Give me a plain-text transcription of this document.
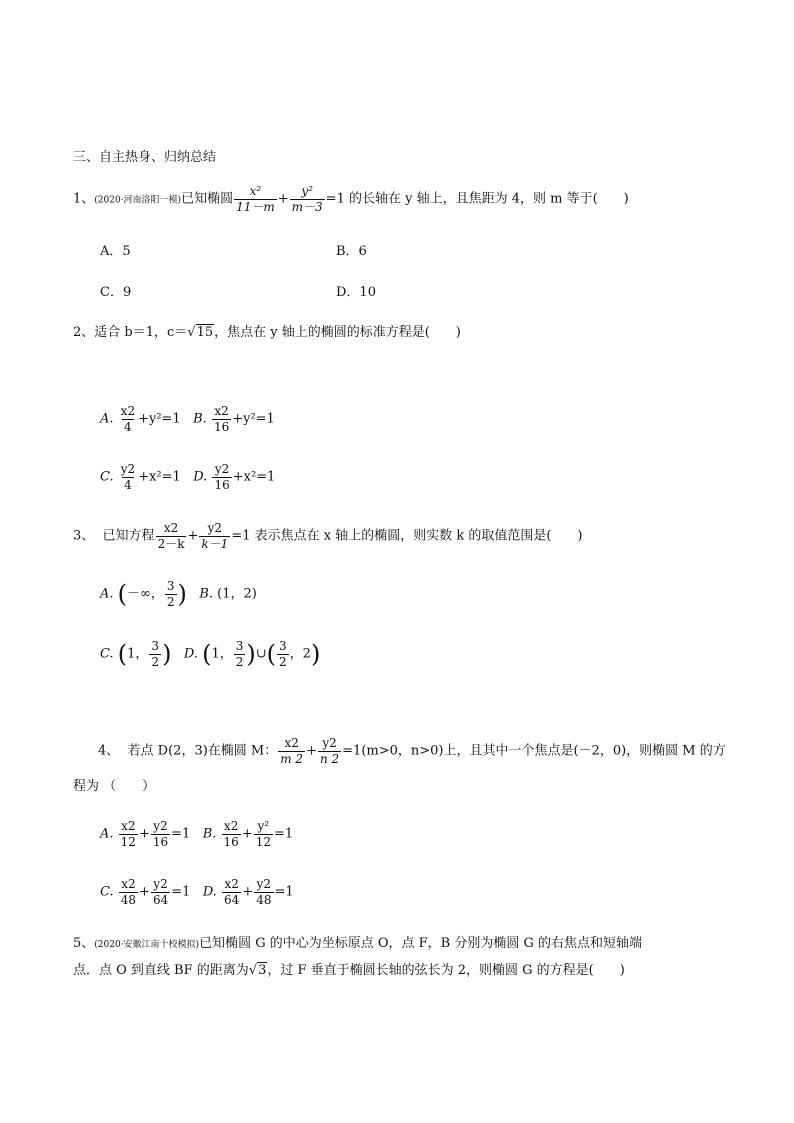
三、自主热身、归纳总结
1、(2020·河南洛阳一模)已知椭圆 $\frac{\text{x²}}{11-m} + \frac{\text{y²}}{m-3} =1$ 的长轴在 y 轴上，且焦距为 4，则 m 等于(　　)
A．5	B．6
C．9	D．10
2、适合 b＝1，c＝√15，焦点在 y 轴上的椭圆的标准方程是(　　)
A. $\frac{x2}{4} +y^2=1$ B. $\frac{x2}{16} +y^2=1$
C. $\frac{y2}{4} +x^2=1$ D. $\frac{y2}{16} +x^2=1$
3、 已知方程 $\frac{x2}{2-k} + \frac{y2}{k-1} =1$ 表示焦点在 x 轴上的椭圆，则实数 k 的取值范围是(　　)
A. (－∞， $\frac{3}{2}$ ) B. (1，2)
C. (1， $\frac{3}{2}$ ) D. (1， $\frac{3}{2}$ )∪( $\frac{3}{2}$ ，2)
4、 若点 D(2，3)在椭圆 M： $\frac{x2}{m 2} + \frac{y2}{n 2} =1(m>0$，n>0)上，且其中一个焦点是(－2，0)，则椭圆 M 的方
程为 （　　）
A. $\frac{x2}{12} + \frac{y2}{16} =1$ B. $\frac{x2}{16} + \frac{\text{y²}}{12} =1$
C. $\frac{x2}{48} + \frac{y2}{64} =1$ D. $\frac{x2}{64} + \frac{y2}{48} =1$
5、(2020·安徽江南十校模拟)已知椭圆 G 的中心为坐标原点 O，点 F，B 分别为椭圆 G 的右焦点和短轴端
点．点 O 到直线 BF 的距离为√3，过 F 垂直于椭圆长轴的弦长为 2，则椭圆 G 的方程是(　　)
